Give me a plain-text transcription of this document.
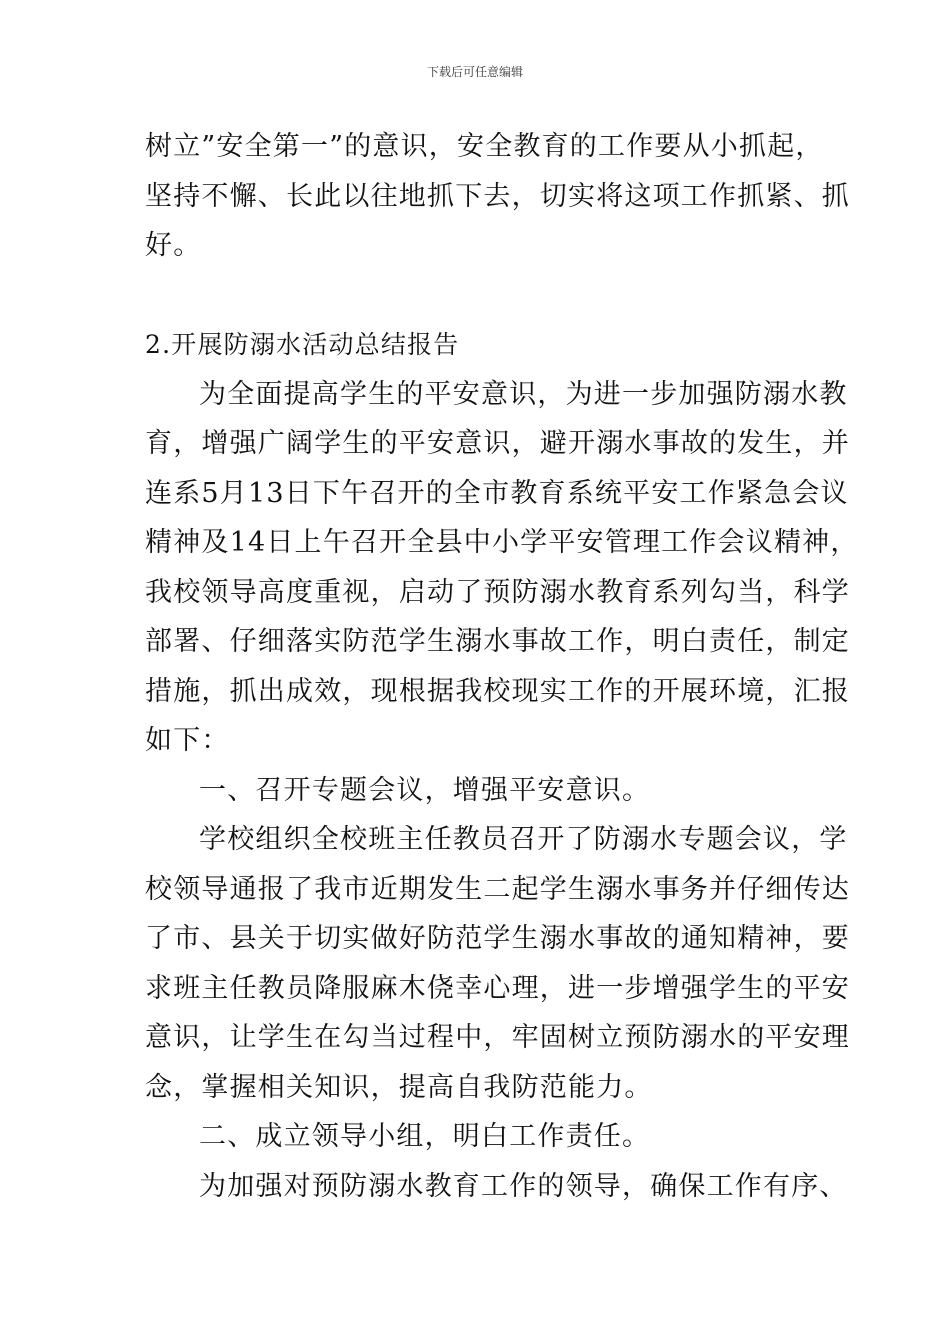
下载后可任意编辑
树立”安全第一”的意识，安全教育的工作要从小抓起，
坚持不懈、长此以往地抓下去，切实将这项工作抓紧、抓
好。
2.开展防溺水活动总结报告
为全面提高学生的平安意识，为进一步加强防溺水教
育，增强广阔学生的平安意识，避开溺水事故的发生，并
连系5月13日下午召开的全市教育系统平安工作紧急会议
精神及14日上午召开全县中小学平安管理工作会议精神，
我校领导高度重视，启动了预防溺水教育系列勾当，科学
部署、仔细落实防范学生溺水事故工作，明白责任，制定
措施，抓出成效，现根据我校现实工作的开展环境，汇报
如下：
一、召开专题会议，增强平安意识。
学校组织全校班主任教员召开了防溺水专题会议，学
校领导通报了我市近期发生二起学生溺水事务并仔细传达
了市、县关于切实做好防范学生溺水事故的通知精神，要
求班主任教员降服麻木侥幸心理，进一步增强学生的平安
意识，让学生在勾当过程中，牢固树立预防溺水的平安理
念，掌握相关知识，提高自我防范能力。
二、成立领导小组，明白工作责任。
为加强对预防溺水教育工作的领导，确保工作有序、
